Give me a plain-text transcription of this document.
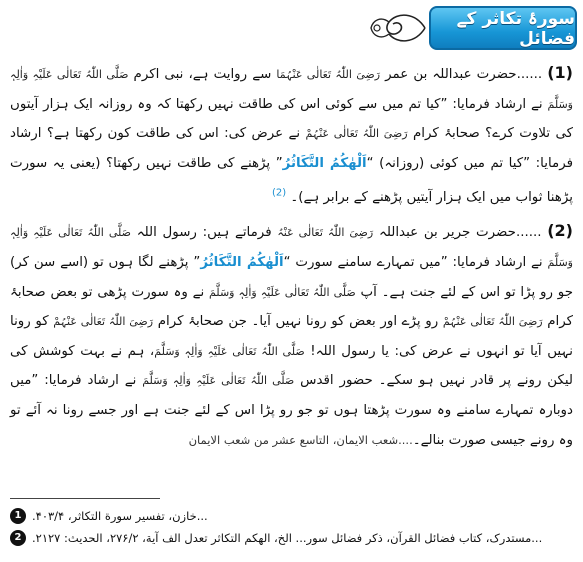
سورۂ تکاثر کے فضائل

(1) ......حضرت عبداللہ بن عمر رَضِیَ اللّٰہُ تَعَالٰی عَنْہُمَا سے روایت ہے، نبی اکرم صَلَّی اللّٰہُ تَعَالٰی عَلَیْہِ وَاٰلِہٖ وَسَلَّمَ نے ارشاد فرمایا: ”کیا تم میں سے کوئی اس کی طاقت نہیں رکھتا کہ وہ روزانہ ایک ہزار آیتوں کی تلاوت کرے؟ صحابۂ کرام رَضِیَ اللّٰہُ تَعَالٰی عَنْہُمْ نے عرض کی: اس کی طاقت کون رکھتا ہے؟ ارشاد فرمایا: ”کیا تم میں کوئی (روزانہ) “اَلْهٰكُمُ التَّكَاثُرُ” پڑھنے کی طاقت نہیں رکھتا؟ (یعنی یہ سورت پڑھنا ثواب میں ایک ہزار آیتیں پڑھنے کے برابر ہے)۔ $^{(2)}$

(2) ......حضرت جریر بن عبداللہ رَضِیَ اللّٰہُ تَعَالٰی عَنْہُ فرماتے ہیں: رسول اللہ صَلَّی اللّٰہُ تَعَالٰی عَلَیْہِ وَاٰلِہٖ وَسَلَّمَ نے ارشاد فرمایا: ”میں تمہارے سامنے سورت “اَلْهٰكُمُ التَّكَاثُرُ” پڑھنے لگا ہوں تو (اسے سن کر) جو رو پڑا تو اس کے لئے جنت ہے۔ آپ صَلَّی اللّٰہُ تَعَالٰی عَلَیْہِ وَاٰلِہٖ وَسَلَّمَ نے وہ سورت پڑھی تو بعض صحابۂ کرام رَضِیَ اللّٰہُ تَعَالٰی عَنْہُمْ رو پڑے اور بعض کو رونا نہیں آیا۔ جن صحابۂ کرام رَضِیَ اللّٰہُ تَعَالٰی عَنْہُمْ کو رونا نہیں آیا تو انہوں نے عرض کی: یا رسول اللہ! صَلَّی اللّٰہُ تَعَالٰی عَلَیْہِ وَاٰلِہٖ وَسَلَّمَ، ہم نے بہت کوشش کی لیکن رونے پر قادر نہیں ہو سکے۔ حضور اقدس صَلَّی اللّٰہُ تَعَالٰی عَلَیْہِ وَاٰلِہٖ وَسَلَّمَ نے ارشاد فرمایا: ”میں دوبارہ تمہارے سامنے وہ سورت پڑھتا ہوں تو جو رو پڑا اس کے لئے جنت ہے اور جسے رونا نہ آئے تو وہ رونے جیسی صورت بنالے۔....شعب الایمان، التاسع عشر من شعب الایمان

1 ...خازن، تفسیر سورة التکاثر، ۴۰۳/۴.
2 ...مستدرک، کتاب فضائل القرآن، ذکر فضائل سور... الخ، الهکم التکاثر تعدل الف آیة، ۲۷۶/۲، الحدیث: ۲۱۲۷.
